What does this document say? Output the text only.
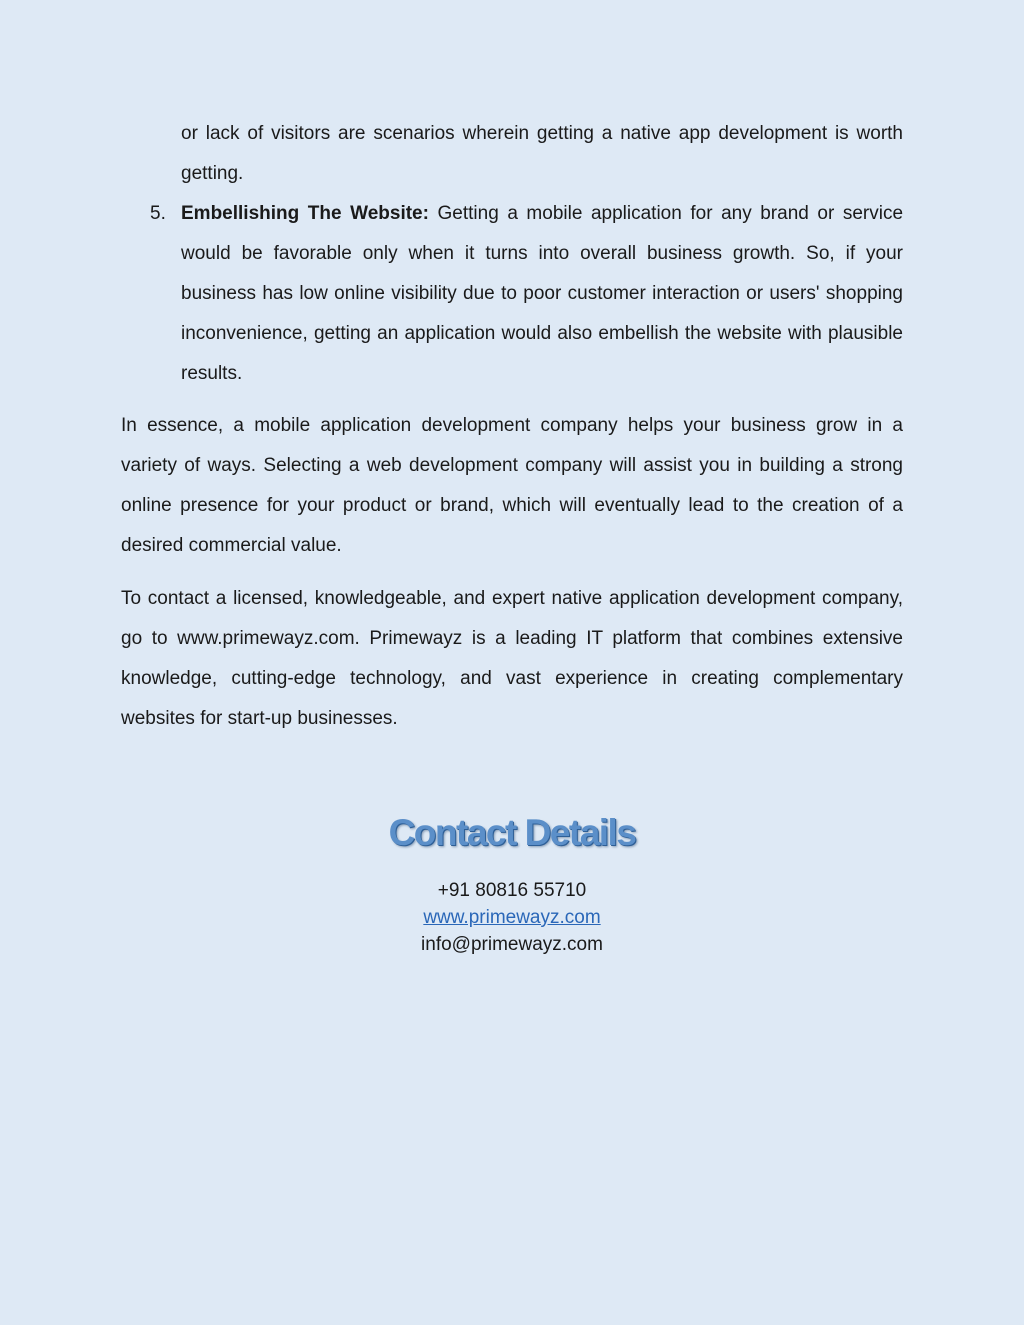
or lack of visitors are scenarios wherein getting a native app development is worth getting.

5. Embellishing The Website: Getting a mobile application for any brand or service would be favorable only when it turns into overall business growth. So, if your business has low online visibility due to poor customer interaction or users' shopping inconvenience, getting an application would also embellish the website with plausible results.

In essence, a mobile application development company helps your business grow in a variety of ways. Selecting a web development company will assist you in building a strong online presence for your product or brand, which will eventually lead to the creation of a desired commercial value.

To contact a licensed, knowledgeable, and expert native application development company, go to www.primewayz.com. Primewayz is a leading IT platform that combines extensive knowledge, cutting-edge technology, and vast experience in creating complementary websites for start-up businesses.

Contact Details
+91 80816 55710
www.primewayz.com
info@primewayz.com
